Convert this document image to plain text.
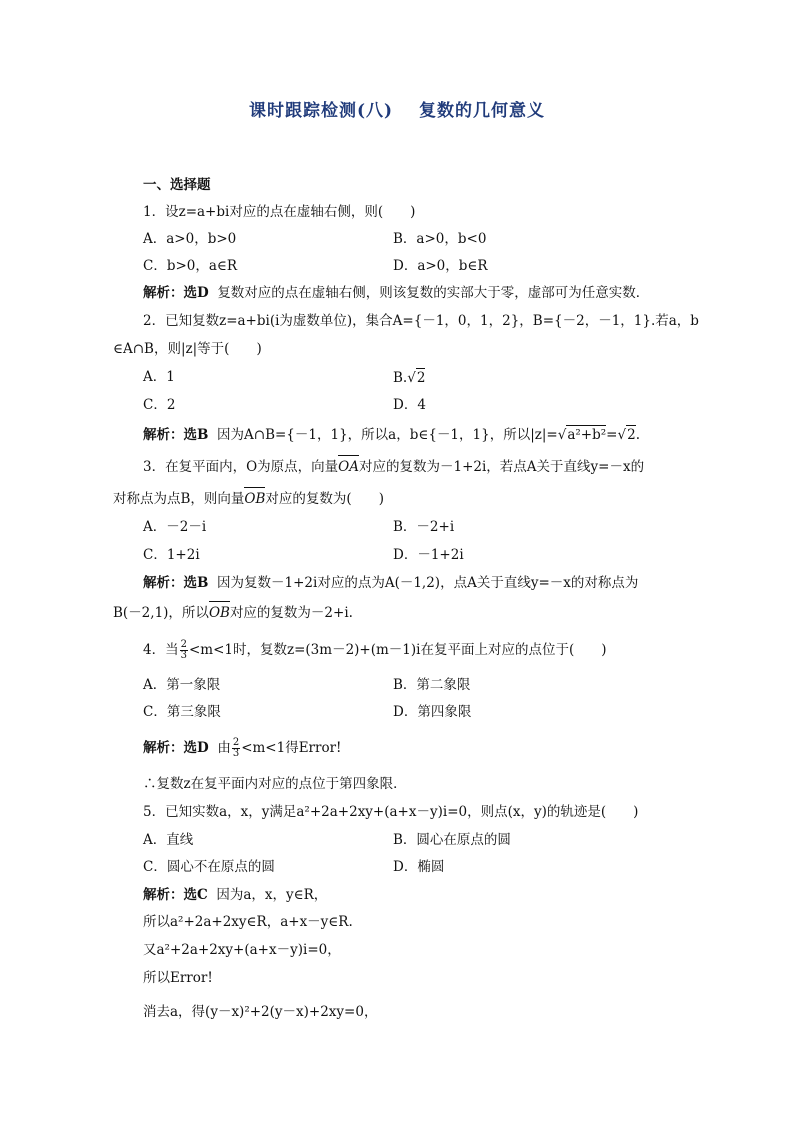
课时跟踪检测(八) 复数的几何意义
一、选择题
1．设z=a+bi对应的点在虚轴右侧，则(　　)
A．a>0，b>0	B．a>0，b<0
C．b>0，a∈R	D．a>0，b∈R
解析：选D 复数对应的点在虚轴右侧，则该复数的实部大于零，虚部可为任意实数．
2．已知复数z=a+bi(i为虚数单位)，集合A={－1，0，1，2}，B={－2，－1，1}.若a，b
∈A∩B，则|z|等于(　　)
A．1	B.√2
C．2	D．4
解析：选B 因为A∩B={－1，1}，所以a，b∈{－1，1}，所以|z|=√a²+b²=√2.
3．在复平面内，O为原点，向量OA对应的复数为－1+2i，若点A关于直线y=－x的
对称点为点B，则向量OB对应的复数为(　　)
A．－2－i	B．－2+i
C．1+2i	D．－1+2i
解析：选B 因为复数－1+2i对应的点为A(－1,2)，点A关于直线y=－x的对称点为
B(－2,1)，所以OB对应的复数为－2+i.
4．当 $\frac{2}{3} <m<1$时，复数z=(3m－2)+(m－1)i在复平面上对应的点位于(　　)
A．第一象限	B．第二象限
C．第三象限	D．第四象限
解析：选D 由 $\frac{2}{3} <m<1$得Error!
∴复数z在复平面内对应的点位于第四象限．
5．已知实数a，x，y满足a²+2a+2xy+(a+x－y)i=0，则点(x，y)的轨迹是(　　)
A．直线	B．圆心在原点的圆
C．圆心不在原点的圆	D．椭圆
解析：选C 因为a，x，y∈R，
所以a²+2a+2xy∈R，a+x－y∈R.
又a²+2a+2xy+(a+x－y)i=0，
所以Error!
消去a，得(y－x)²+2(y－x)+2xy=0，
